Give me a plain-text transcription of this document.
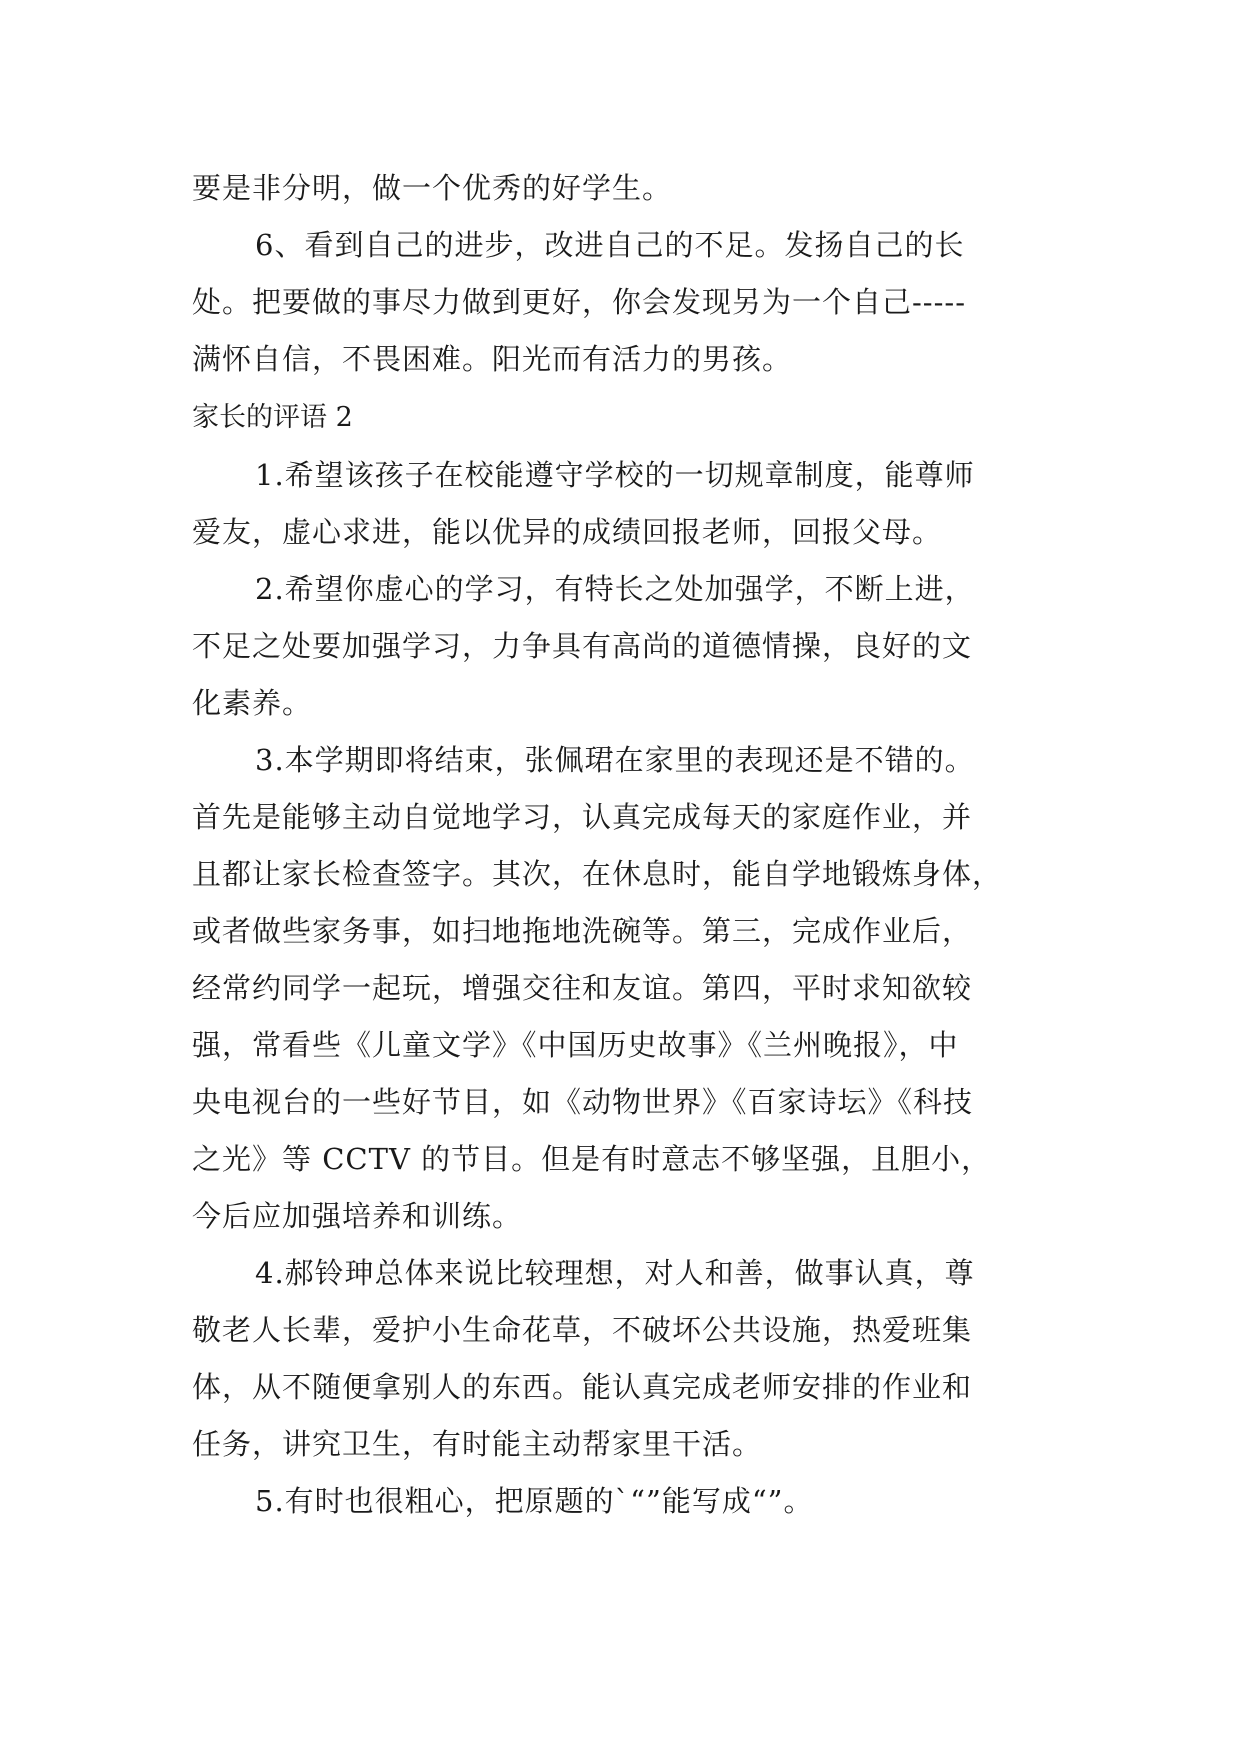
要是非分明，做一个优秀的好学生。
6、看到自己的进步，改进自己的不足。发扬自己的长
处。把要做的事尽力做到更好，你会发现另为一个自己-----
满怀自信，不畏困难。阳光而有活力的男孩。
家长的评语 2
1.希望该孩子在校能遵守学校的一切规章制度，能尊师
爱友，虚心求进，能以优异的成绩回报老师，回报父母。
2.希望你虚心的学习，有特长之处加强学，不断上进，
不足之处要加强学习，力争具有高尚的道德情操，良好的文
化素养。
3.本学期即将结束，张佩珺在家里的表现还是不错的。
首先是能够主动自觉地学习，认真完成每天的家庭作业，并
且都让家长检查签字。其次，在休息时，能自学地锻炼身体，
或者做些家务事，如扫地拖地洗碗等。第三，完成作业后，
经常约同学一起玩，增强交往和友谊。第四，平时求知欲较
强，常看些《儿童文学》《中国历史故事》《兰州晚报》，中
央电视台的一些好节目，如《动物世界》《百家诗坛》《科技
之光》等 CCTV 的节目。但是有时意志不够坚强，且胆小，
今后应加强培养和训练。
4.郝铃珅总体来说比较理想，对人和善，做事认真，尊
敬老人长辈，爱护小生命花草，不破坏公共设施，热爱班集
体，从不随便拿别人的东西。能认真完成老师安排的作业和
任务，讲究卫生，有时能主动帮家里干活。
5.有时也很粗心，把原题的`“”能写成“”。
